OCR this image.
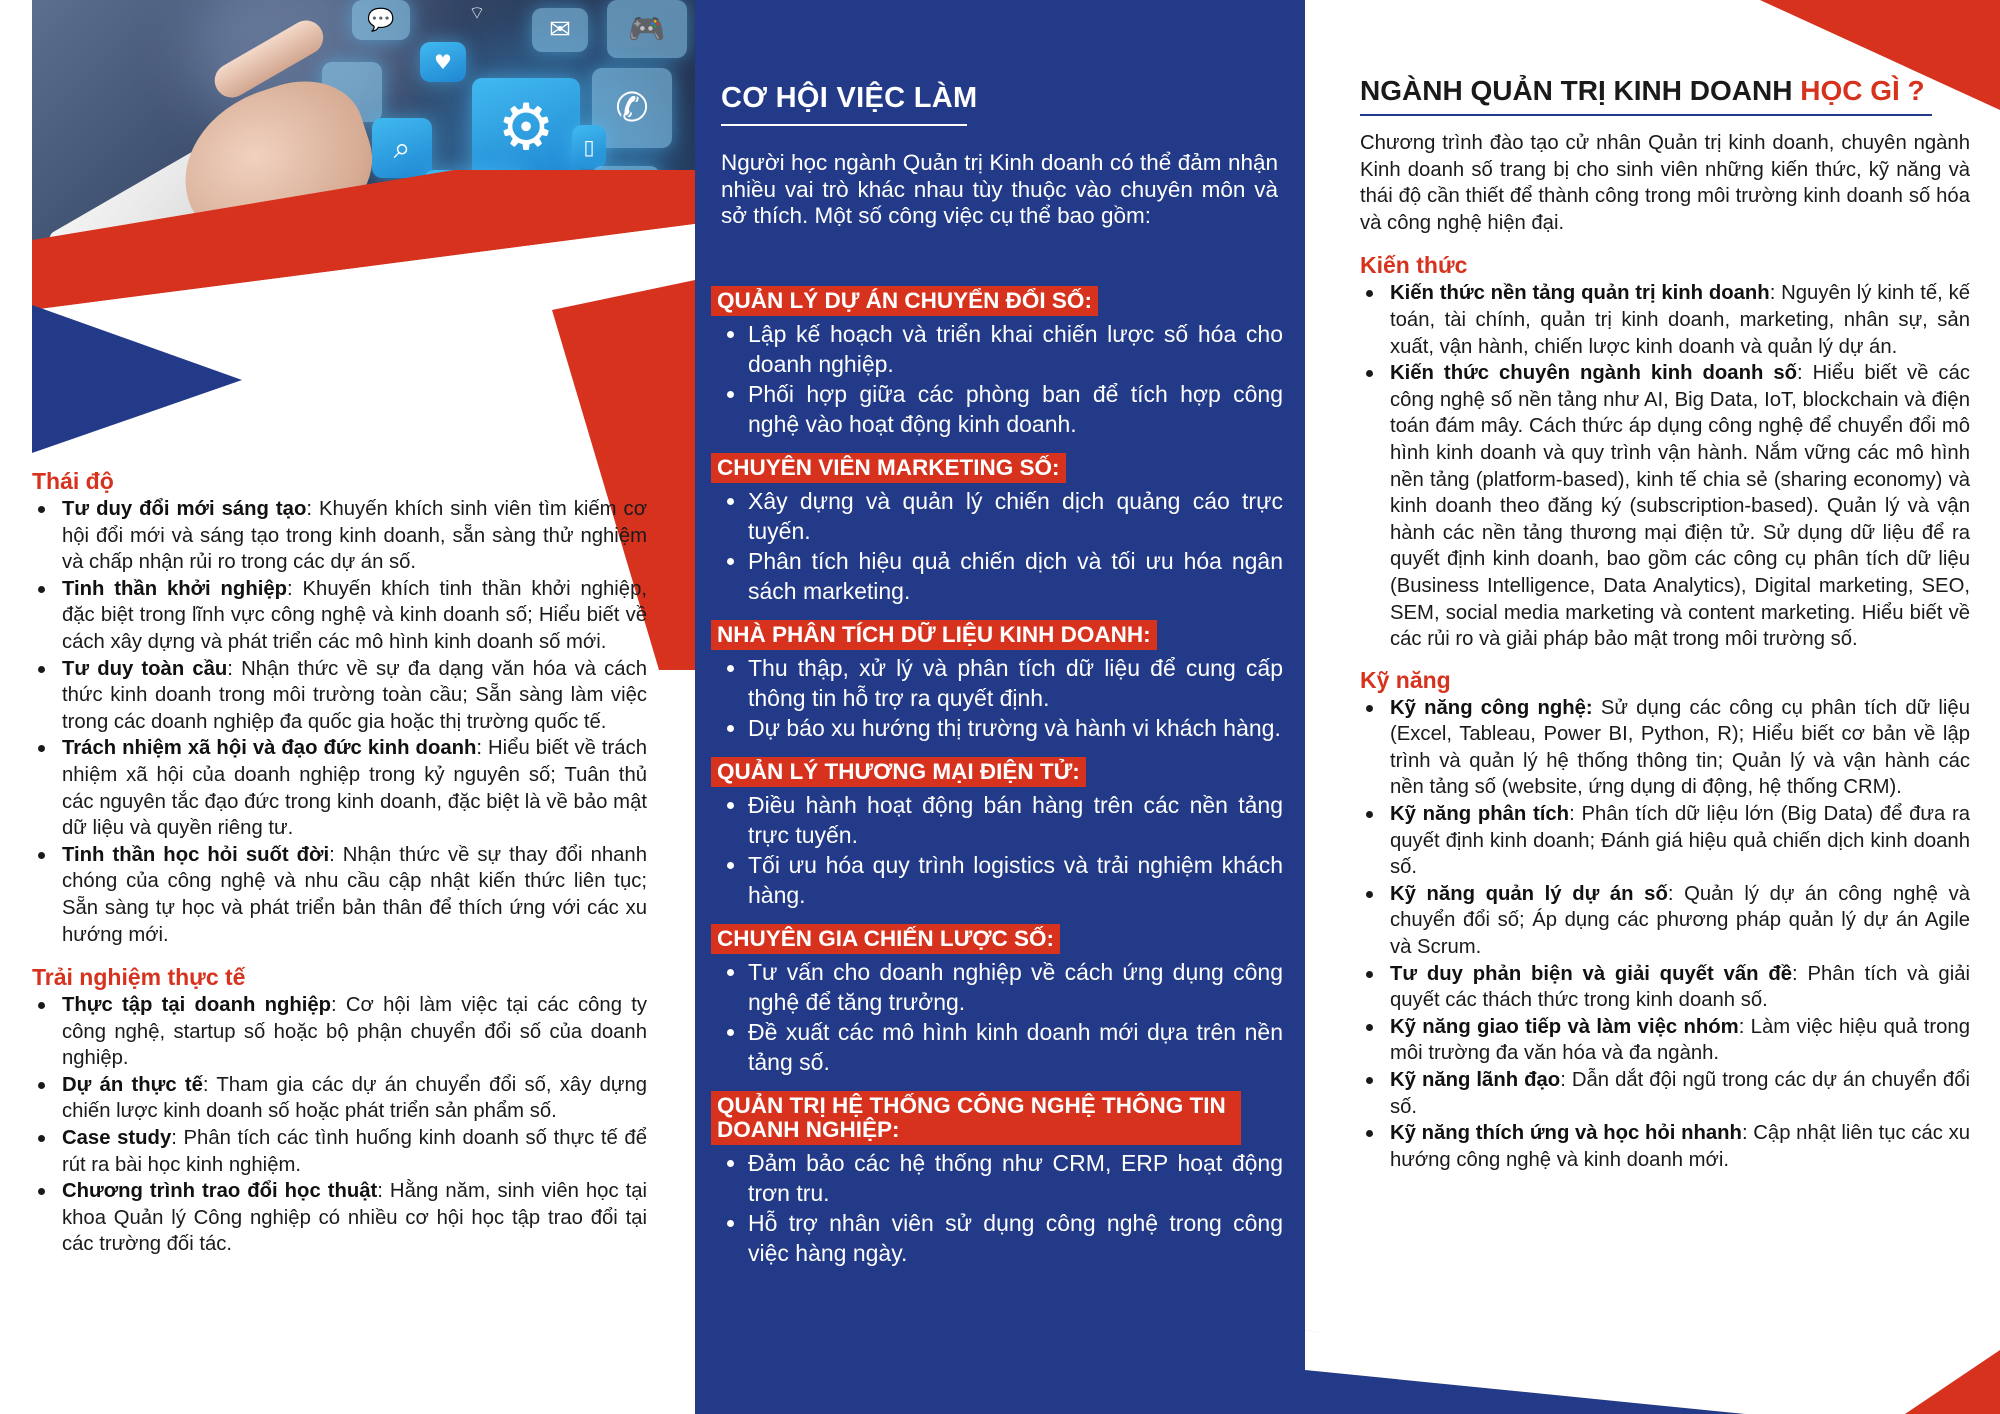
💬	⌔
✉	🎮
♥
⚙	✆
⌕	▯
Thái độ
Tư duy đổi mới sáng tạo: Khuyến khích sinh viên tìm kiếm cơ hội đổi mới và sáng tạo trong kinh doanh, sẵn sàng thử nghiệm và chấp nhận rủi ro trong các dự án số.
Tinh thần khởi nghiệp: Khuyến khích tinh thần khởi nghiệp, đặc biệt trong lĩnh vực công nghệ và kinh doanh số; Hiểu biết về cách xây dựng và phát triển các mô hình kinh doanh số mới.
Tư duy toàn cầu: Nhận thức về sự đa dạng văn hóa và cách thức kinh doanh trong môi trường toàn cầu; Sẵn sàng làm việc trong các doanh nghiệp đa quốc gia hoặc thị trường quốc tế.
Trách nhiệm xã hội và đạo đức kinh doanh: Hiểu biết về trách nhiệm xã hội của doanh nghiệp trong kỷ nguyên số; Tuân thủ các nguyên tắc đạo đức trong kinh doanh, đặc biệt là về bảo mật dữ liệu và quyền riêng tư.
Tinh thần học hỏi suốt đời: Nhận thức về sự thay đổi nhanh chóng của công nghệ và nhu cầu cập nhật kiến thức liên tục; Sẵn sàng tự học và phát triển bản thân để thích ứng với các xu hướng mới.
Trải nghiệm thực tế
Thực tập tại doanh nghiệp: Cơ hội làm việc tại các công ty công nghệ, startup số hoặc bộ phận chuyển đổi số của doanh nghiệp.
Dự án thực tế: Tham gia các dự án chuyển đổi số, xây dựng chiến lược kinh doanh số hoặc phát triển sản phẩm số.
Case study: Phân tích các tình huống kinh doanh số thực tế để rút ra bài học kinh nghiệm.
Chương trình trao đổi học thuật: Hằng năm, sinh viên học tại khoa Quản lý Công nghiệp có nhiều cơ hội học tập trao đổi tại các trường đối tác.
CƠ HỘI VIỆC LÀM
Người học ngành Quản trị Kinh doanh có thể đảm nhận nhiều vai trò khác nhau tùy thuộc vào chuyên môn và sở thích. Một số công việc cụ thể bao gồm:
QUẢN LÝ DỰ ÁN CHUYỂN ĐỔI SỐ:
Lập kế hoạch và triển khai chiến lược số hóa cho doanh nghiệp.
Phối hợp giữa các phòng ban để tích hợp công nghệ vào hoạt động kinh doanh.
CHUYÊN VIÊN MARKETING SỐ:
Xây dựng và quản lý chiến dịch quảng cáo trực tuyến.
Phân tích hiệu quả chiến dịch và tối ưu hóa ngân sách marketing.
NHÀ PHÂN TÍCH DỮ LIỆU KINH DOANH:
Thu thập, xử lý và phân tích dữ liệu để cung cấp thông tin hỗ trợ ra quyết định.
Dự báo xu hướng thị trường và hành vi khách hàng.
QUẢN LÝ THƯƠNG MẠI ĐIỆN TỬ:
Điều hành hoạt động bán hàng trên các nền tảng trực tuyến.
Tối ưu hóa quy trình logistics và trải nghiệm khách hàng.
CHUYÊN GIA CHIẾN LƯỢC SỐ:
Tư vấn cho doanh nghiệp về cách ứng dụng công nghệ để tăng trưởng.
Đề xuất các mô hình kinh doanh mới dựa trên nền tảng số.
QUẢN TRỊ HỆ THỐNG CÔNG NGHỆ THÔNG TIN DOANH NGHIỆP:
Đảm bảo các hệ thống như CRM, ERP hoạt động trơn tru.
Hỗ trợ nhân viên sử dụng công nghệ trong công việc hàng ngày.
NGÀNH QUẢN TRỊ KINH DOANH HỌC GÌ ?
Chương trình đào tạo cử nhân Quản trị kinh doanh, chuyên ngành Kinh doanh số trang bị cho sinh viên những kiến thức, kỹ năng và thái độ cần thiết để thành công trong môi trường kinh doanh số hóa và công nghệ hiện đại.
Kiến thức
Kiến thức nền tảng quản trị kinh doanh: Nguyên lý kinh tế, kế toán, tài chính, quản trị kinh doanh, marketing, nhân sự, sản xuất, vận hành, chiến lược kinh doanh và quản lý dự án.
Kiến thức chuyên ngành kinh doanh số: Hiểu biết về các công nghệ số nền tảng như AI, Big Data, IoT, blockchain và điện toán đám mây. Cách thức áp dụng công nghệ để chuyển đổi mô hình kinh doanh và quy trình vận hành. Nắm vững các mô hình nền tảng (platform-based), kinh tế chia sẻ (sharing economy) và kinh doanh theo đăng ký (subscription-based). Quản lý và vận hành các nền tảng thương mại điện tử. Sử dụng dữ liệu để ra quyết định kinh doanh, bao gồm các công cụ phân tích dữ liệu (Business Intelligence, Data Analytics), Digital marketing, SEO, SEM, social media marketing và content marketing. Hiểu biết về các rủi ro và giải pháp bảo mật trong môi trường số.
Kỹ năng
Kỹ năng công nghệ: Sử dụng các công cụ phân tích dữ liệu (Excel, Tableau, Power BI, Python, R); Hiểu biết cơ bản về lập trình và quản lý hệ thống thông tin; Quản lý và vận hành các nền tảng số (website, ứng dụng di động, hệ thống CRM).
Kỹ năng phân tích: Phân tích dữ liệu lớn (Big Data) để đưa ra quyết định kinh doanh; Đánh giá hiệu quả chiến dịch kinh doanh số.
Kỹ năng quản lý dự án số: Quản lý dự án công nghệ và chuyển đổi số; Áp dụng các phương pháp quản lý dự án Agile và Scrum.
Tư duy phản biện và giải quyết vấn đề: Phân tích và giải quyết các thách thức trong kinh doanh số.
Kỹ năng giao tiếp và làm việc nhóm: Làm việc hiệu quả trong môi trường đa văn hóa và đa ngành.
Kỹ năng lãnh đạo: Dẫn dắt đội ngũ trong các dự án chuyển đổi số.
Kỹ năng thích ứng và học hỏi nhanh: Cập nhật liên tục các xu hướng công nghệ và kinh doanh mới.
